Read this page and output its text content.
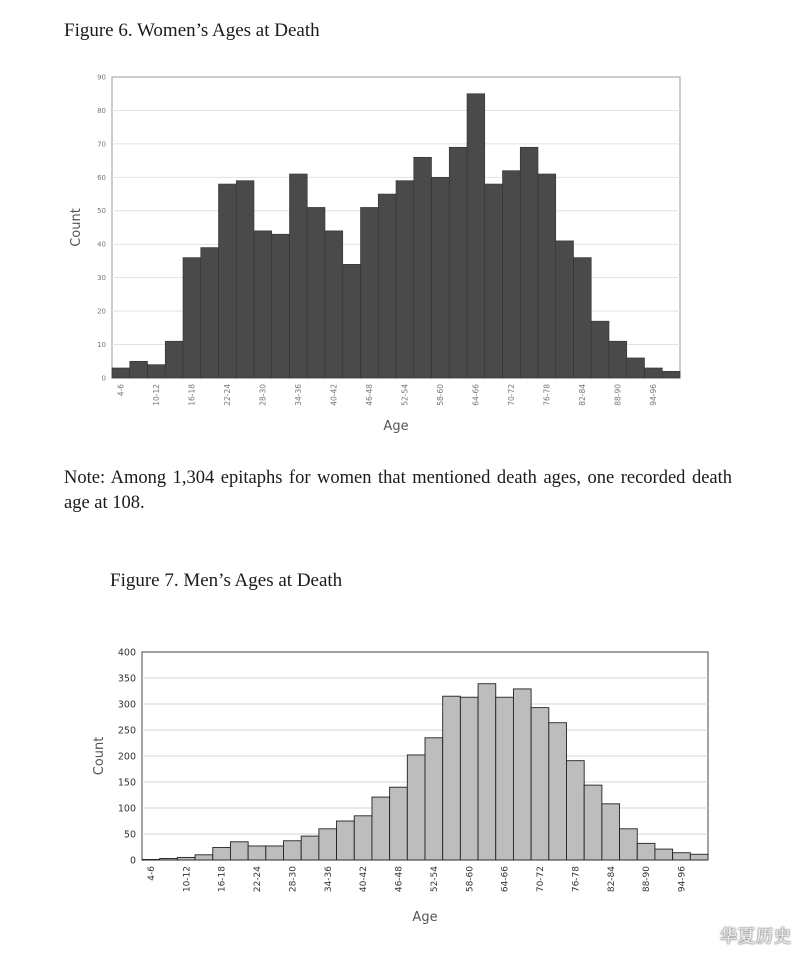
Figure 6. Women’s Ages at Death
0
10
20
30
40
50
60
70
80
90
4-6	10-12	16-18	22-24	28-30	34-36	40-42	46-48	52-54	58-60	64-66	70-72	76-78	82-84	88-90	94-96
Age
Count
Note: Among 1,304 epitaphs for women that mentioned death ages, one recorded death age at 108.
Figure 7. Men’s Ages at Death
0
50
100
150
200
250
300
350
400
4-6	10-12	16-18	22-24	28-30	34-36	40-42	46-48	52-54	58-60	64-66	70-72	76-78	82-84	88-90	94-96
Age
Count
华夏历史
